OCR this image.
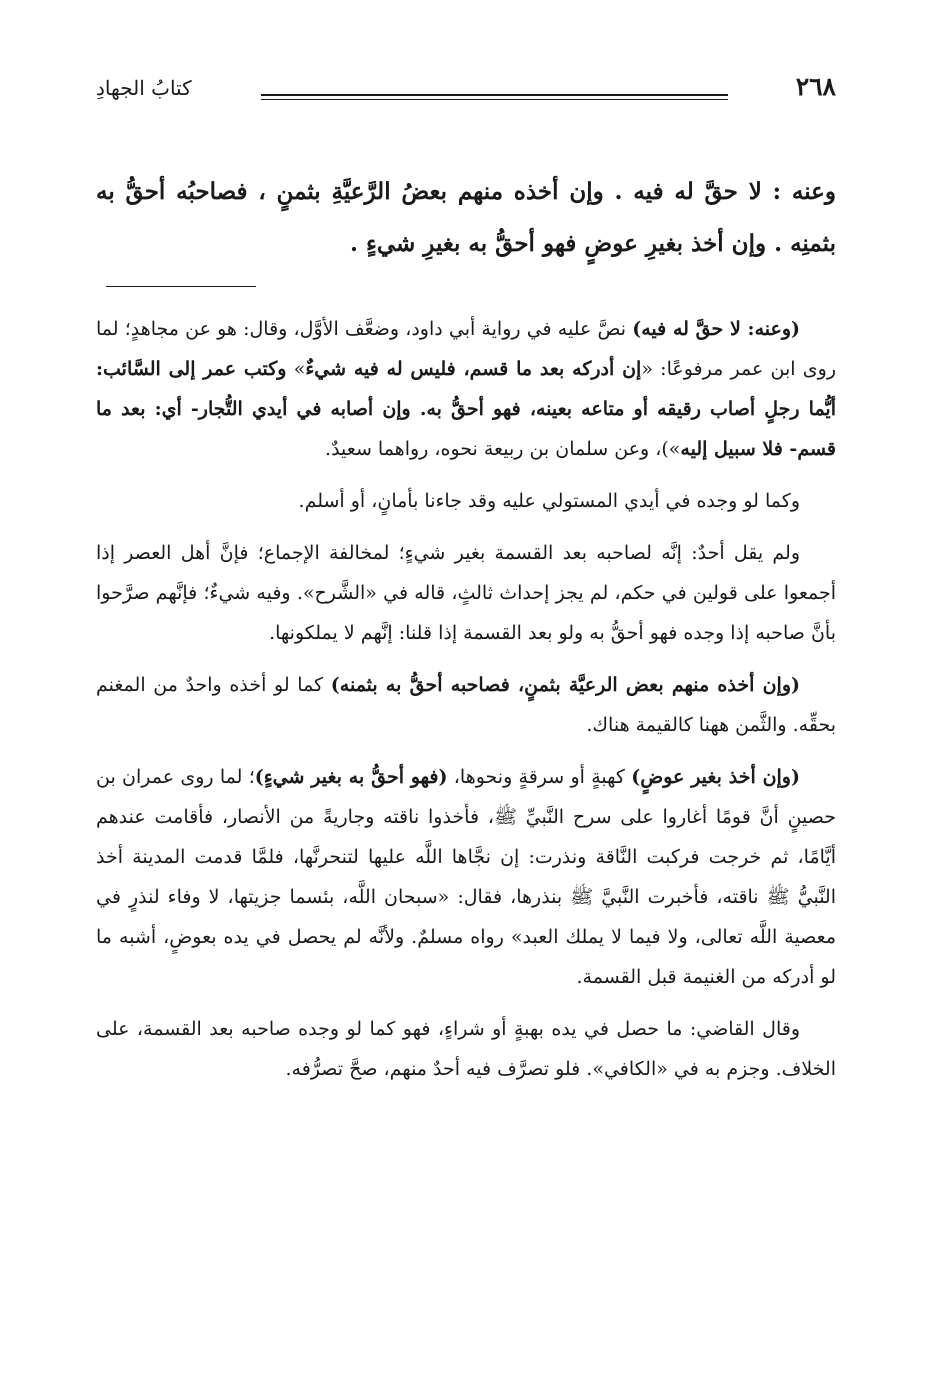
٢٦٨
كتابُ الجهادِ
وعنه : لا حقَّ له فيه . وإن أخذه منهم بعضُ الرَّعيَّةِ بثمنٍ ، فصاحبُه أحقُّ به بثمنِه . وإن أخذ بغيرِ عوضٍ فهو أحقُّ به بغيرِ شيءٍ .

(وعنه: لا حقَّ له فيه) نصَّ عليه في رواية أبي داود، وضعَّف الأوَّل، وقال: هو عن مجاهدٍ؛ لما روى ابن عمر مرفوعًا: «إن أدركه بعد ما قسم، فليس له فيه شيءٌ» وكتب عمر إلى السَّائب: أيُّما رجلٍ أصاب رقيقه أو متاعه بعينه، فهو أحقُّ به. وإن أصابه في أيدي التُّجار- أي: بعد ما قسم- فلا سبيل إليه»)، وعن سلمان بن ربيعة نحوه، رواهما سعيدٌ.

وكما لو وجده في أيدي المستولي عليه وقد جاءنا بأمانٍ، أو أسلم.

ولم يقل أحدٌ: إنَّه لصاحبه بعد القسمة بغير شيءٍ؛ لمخالفة الإجماع؛ فإنَّ أهل العصر إذا أجمعوا على قولين في حكم، لم يجز إحداث ثالثٍ، قاله في «الشَّرح». وفيه شيءٌ؛ فإنَّهم صرَّحوا بأنَّ صاحبه إذا وجده فهو أحقُّ به ولو بعد القسمة إذا قلنا: إنَّهم لا يملكونها.

(وإن أخذه منهم بعض الرعيَّة بثمنٍ، فصاحبه أحقُّ به بثمنه) كما لو أخذه واحدٌ من المغنم بحقِّه. والثَّمن ههنا كالقيمة هناك.

(وإن أخذ بغير عوضٍ) كهبةٍ أو سرقةٍ ونحوها، (فهو أحقُّ به بغير شيءٍ)؛ لما روى عمران بن حصينٍ أنَّ قومًا أغاروا على سرح النَّبيِّ ﷺ، فأخذوا ناقته وجاريةً من الأنصار، فأقامت عندهم أيَّامًا، ثم خرجت فركبت النَّاقة ونذرت: إن نجَّاها اللَّه عليها لتنحرنَّها، فلمَّا قدمت المدينة أخذ النَّبيُّ ﷺ ناقته، فأخبرت النَّبيَّ ﷺ بنذرها، فقال: «سبحان اللَّه، بئسما جزيتها، لا وفاء لنذرٍ في معصية اللَّه تعالى، ولا فيما لا يملك العبد» رواه مسلمٌ. ولأنَّه لم يحصل في يده بعوضٍ، أشبه ما لو أدركه من الغنيمة قبل القسمة.

وقال القاضي: ما حصل في يده بهبةٍ أو شراءٍ، فهو كما لو وجده صاحبه بعد القسمة، على الخلاف. وجزم به في «الكافي». فلو تصرَّف فيه أحدٌ منهم، صحَّ تصرُّفه.
